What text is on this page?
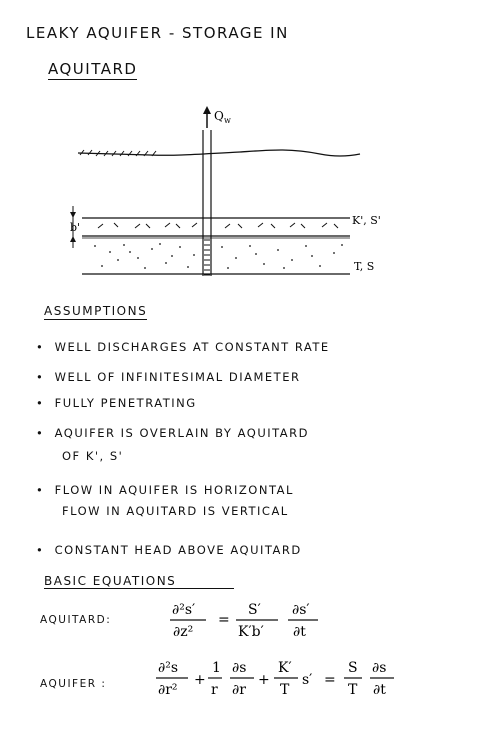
LEAKY AQUIFER - STORAGE IN
AQUITARD
Q w
K', S'
b'
T, S
ASSUMPTIONS
•  WELL DISCHARGES AT CONSTANT RATE
•  WELL OF INFINITESIMAL DIAMETER
•  FULLY PENETRATING
•  AQUIFER IS OVERLAIN BY AQUITARD
OF K', S'
•  FLOW IN AQUIFER IS HORIZONTAL
FLOW IN AQUITARD IS VERTICAL
•  CONSTANT HEAD ABOVE AQUITARD
BASIC EQUATIONS
AQUITARD:
∂²s′
∂z²
=
S′
K′b′
∂s′
∂t
AQUIFER :
∂²s
∂r²
+
1
r
∂s
∂r
+
K′
T
s′ =
S
T
∂s
∂t
